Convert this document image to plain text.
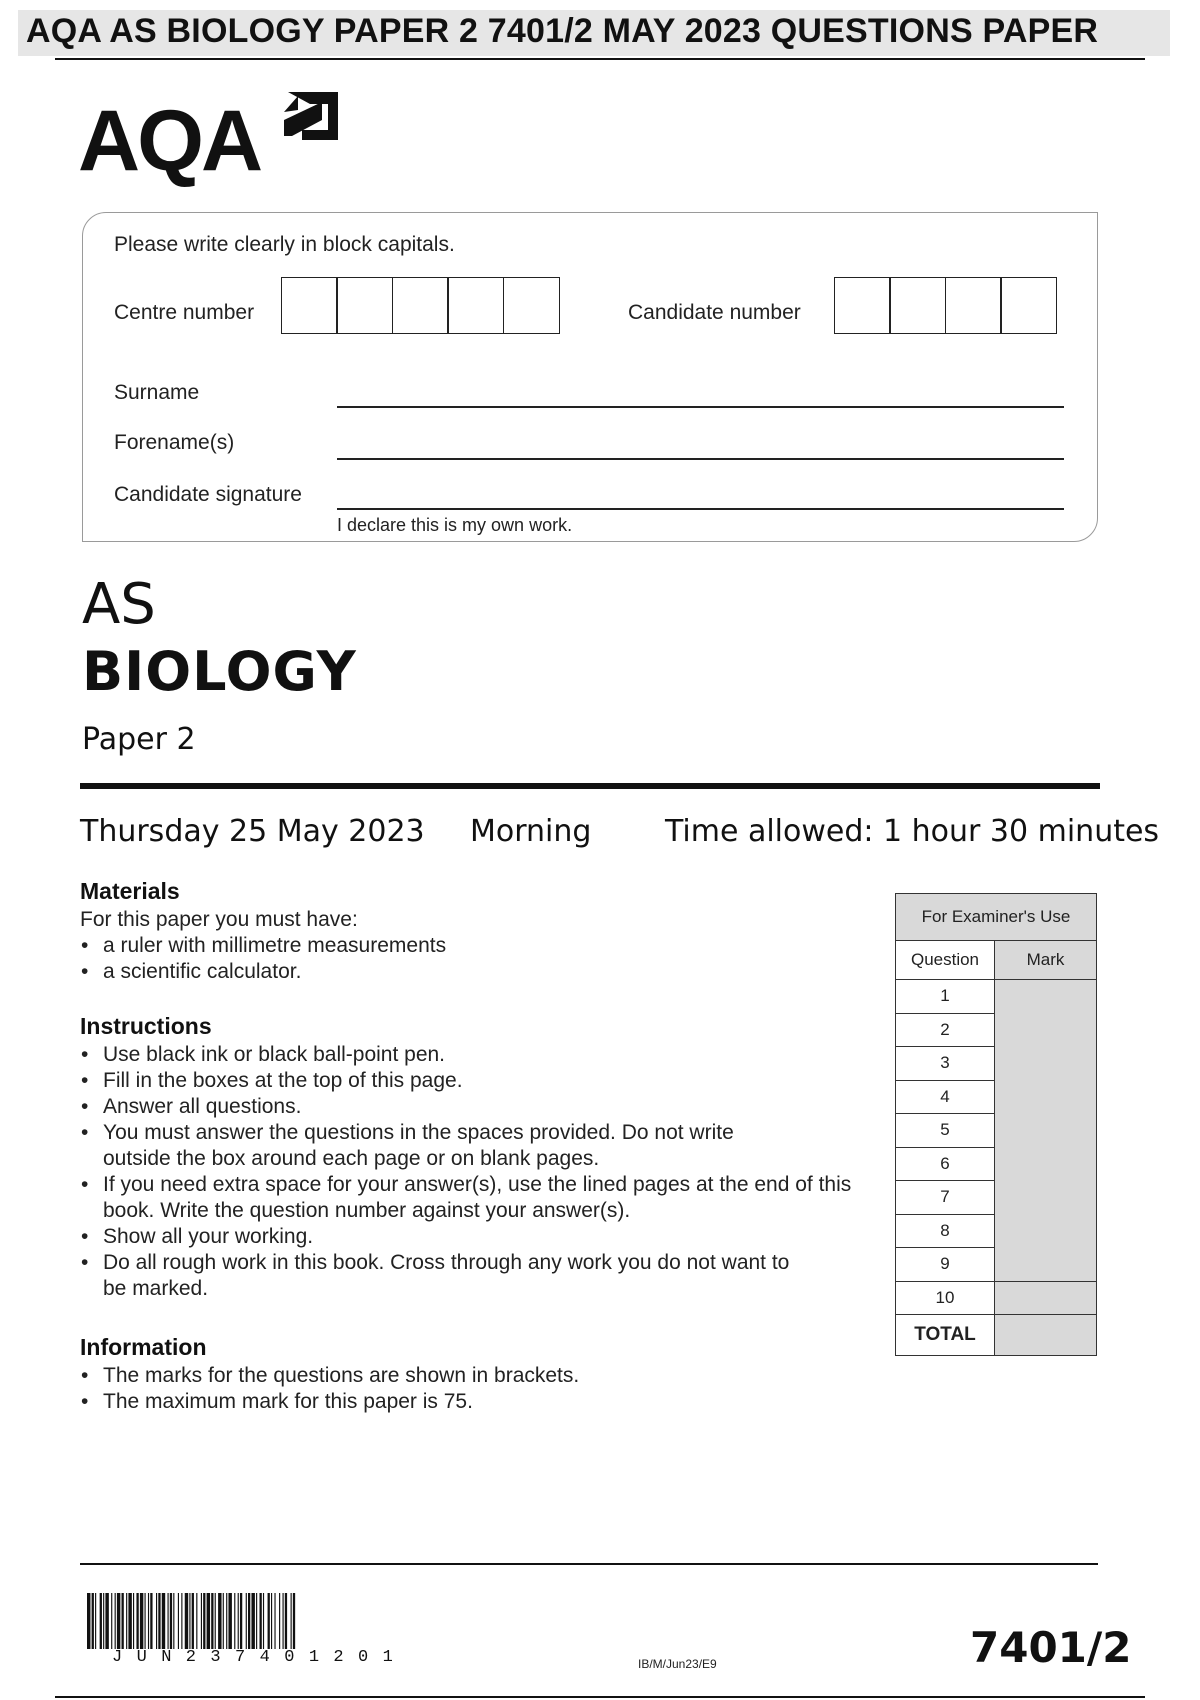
AQA AS BIOLOGY PAPER 2 7401/2 MAY 2023 QUESTIONS PAPER
AQA
Please write clearly in block capitals.
Centre number	Candidate number
Surname
Forename(s)
Candidate signature
I declare this is my own work.
AS
BIOLOGY
Paper 2
Thursday 25 May 2023 Morning Time allowed: 1 hour 30 minutes
Materials

For this paper you must have:

• a ruler with millimetre measurements
• a scientific calculator.
Instructions
• Use black ink or black ball-point pen.
• Fill in the boxes at the top of this page.
• Answer all questions.
• You must answer the questions in the spaces provided. Do not write outside the box around each page or on blank pages.
• If you need extra space for your answer(s), use the lined pages at the end of this book. Write the question number against your answer(s).
• Show all your working.
• Do all rough work in this book. Cross through any work you do not want to be marked.
Information
• The marks for the questions are shown in brackets.
• The maximum mark for this paper is 75.
For Examiner's Use	
Question	Mark
1	
2	
3	
4	
5	
6	
7	
8	
9	
10	
TOTAL	
JUN237401201	IB/M/Jun23/E9	7401/2
